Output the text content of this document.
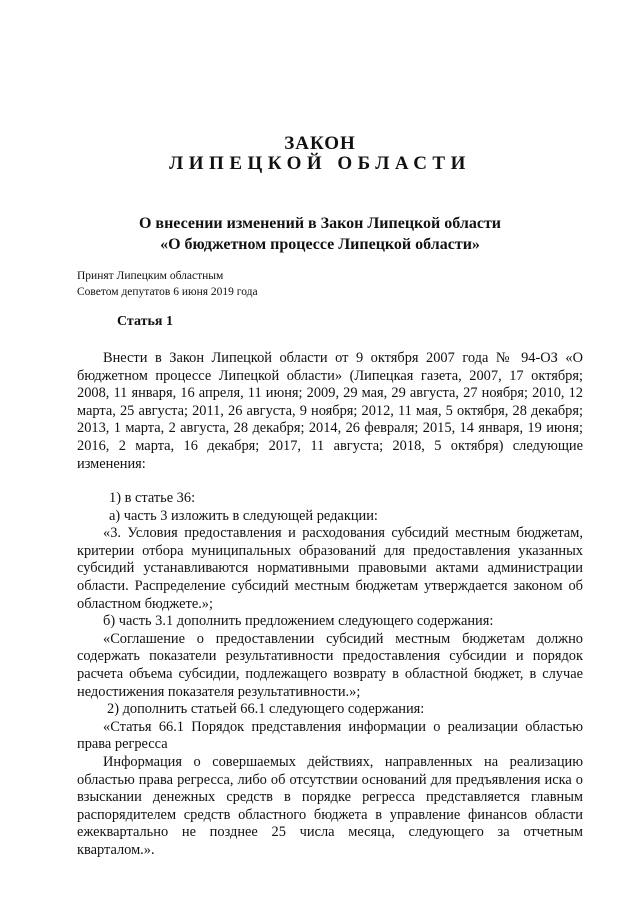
ЗАКОН
ЛИПЕЦКОЙ ОБЛАСТИ
О внесении изменений в Закон Липецкой области
«О бюджетном процессе Липецкой области»
Принят Липецким областным
Советом депутатов 6 июня 2019 года
Статья 1

Внести в Закон Липецкой области от 9 октября 2007 года № 94-ОЗ «О бюджетном процессе Липецкой области» (Липецкая газета, 2007, 17 октября; 2008, 11 января, 16 апреля, 11 июня; 2009, 29 мая, 29 августа, 27 ноября; 2010, 12 марта, 25 августа; 2011, 26 августа, 9 ноября; 2012, 11 мая, 5 октября, 28 декабря; 2013, 1 марта, 2 августа, 28 декабря; 2014, 26 февраля; 2015, 14 января, 19 июня; 2016, 2 марта, 16 декабря; 2017, 11 августа; 2018, 5 октября) следующие изменения:

1) в статье 36:

а) часть 3 изложить в следующей редакции:

«3. Условия предоставления и расходования субсидий местным бюджетам, критерии отбора муниципальных образований для предоставления указанных субсидий устанавливаются нормативными правовыми актами администрации области. Распределение субсидий местным бюджетам утверждается законом об областном бюджете.»;

б) часть 3.1 дополнить предложением следующего содержания:

«Соглашение о предоставлении субсидий местным бюджетам должно содержать показатели результативности предоставления субсидии и порядок расчета объема субсидии, подлежащего возврату в областной бюджет, в случае недостижения показателя результативности.»;

2) дополнить статьей 66.1 следующего содержания:

«Статья 66.1 Порядок представления информации о реализации областью права регресса

Информация о совершаемых действиях, направленных на реализацию областью права регресса, либо об отсутствии оснований для предъявления иска о взыскании денежных средств в порядке регресса представляется главным распорядителем средств областного бюджета в управление финансов области ежеквартально не позднее 25 числа месяца, следующего за отчетным кварталом.».
